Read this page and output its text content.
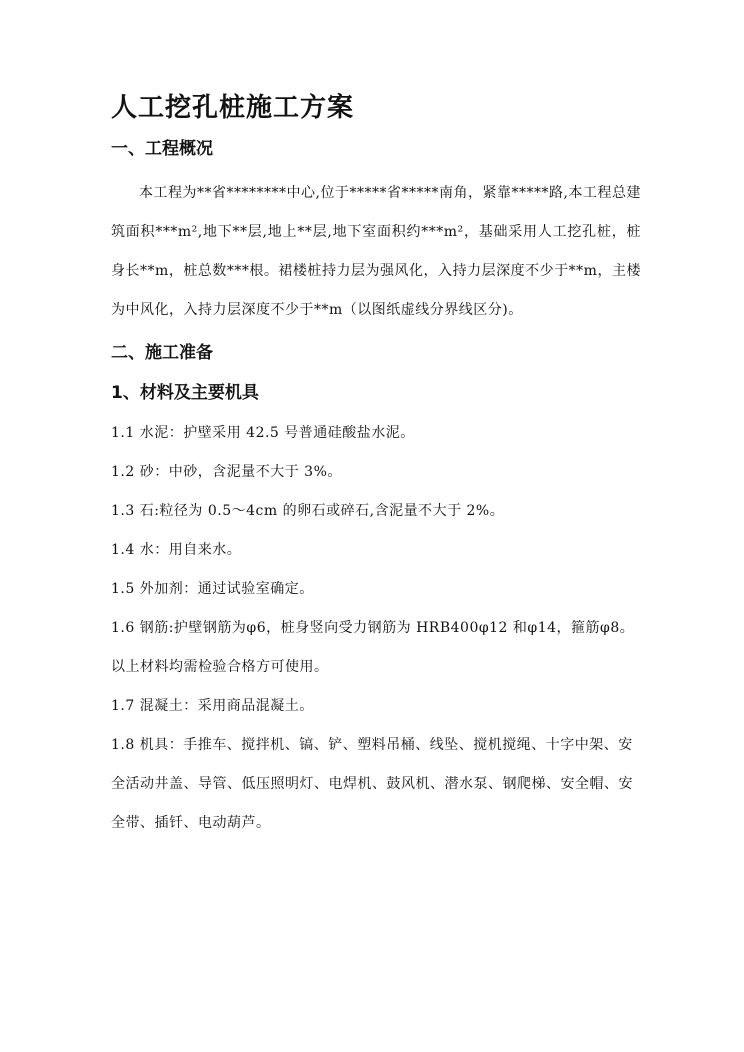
人工挖孔桩施工方案
一、工程概况

本工程为**省********中心,位于*****省*****南角，紧靠*****路,本工程总建筑面积***m²,地下**层,地上**层,地下室面积约***m²，基础采用人工挖孔桩，桩身长**m，桩总数***根。裙楼桩持力层为强风化，入持力层深度不少于**m，主楼为中风化，入持力层深度不少于**m（以图纸虚线分界线区分)。

二、施工准备
1、材料及主要机具

1.1 水泥：护壁采用 42.5 号普通硅酸盐水泥。

1.2 砂：中砂，含泥量不大于 3%。

1.3 石:粒径为 0.5～4cm 的卵石或碎石,含泥量不大于 2%。

1.4 水：用自来水。

1.5 外加剂：通过试验室确定。

1.6 钢筋:护壁钢筋为φ6，桩身竖向受力钢筋为 HRB400φ12 和φ14，箍筋φ8。

以上材料均需检验合格方可使用。

1.7 混凝土：采用商品混凝土。

1.8 机具：手推车、搅拌机、镐、铲、塑料吊桶、线坠、搅机搅绳、十字中架、安全活动井盖、导管、低压照明灯、电焊机、鼓风机、潜水泵、钢爬梯、安全帽、安全带、插钎、电动葫芦。
